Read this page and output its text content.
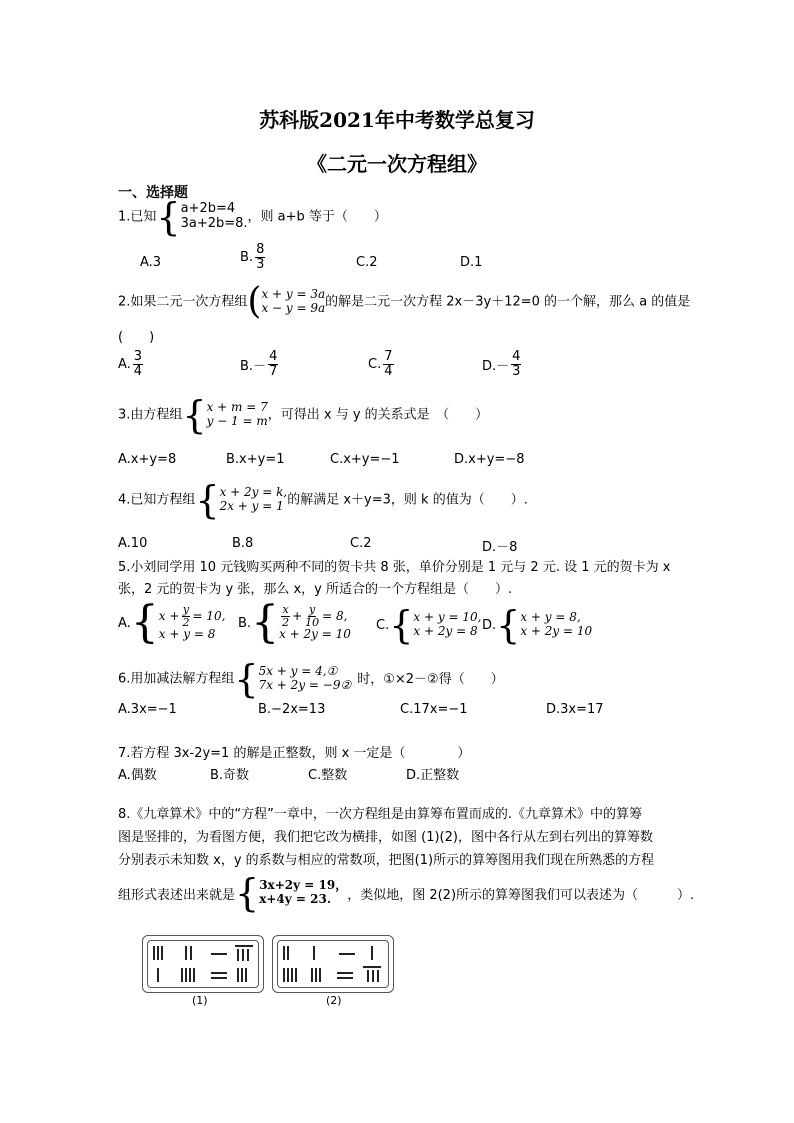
苏科版2021年中考数学总复习
《二元一次方程组》
一、选择题
1.已知 { a+2b=4
3a+2b=8. ，则 a+b 等于（　　）
A.3	B. $\frac{8}{3}$	C.2	D.1
2.如果二元一次方程组 ( x + y = 3a
x − y = 9a 的解是二元一次方程 2x－3y＋12=0 的一个解，那么 a 的值是
(　　)
A. $\frac{3}{4}$	$B.- \frac{4}{7}$	C. $\frac{7}{4}$	$D.- \frac{4}{3}$
3.由方程组 { x + m = 7
y − 1 = m ，可得出 x 与 y 的关系式是　（　　）
A.x+y=8	B.x+y=1	C.x+y=−1	D.x+y=−8
4.已知方程组 { x + 2y = k,
2x + y = 1 的解满足 x＋y=3，则 k 的值为（　　）.
A.10	B.8	C.2	D.－8
5.小刘同学用 10 元钱购买两种不同的贺卡共 8 张，单价分别是 1 元与 2 元. 设 1 元的贺卡为 x
张，2 元的贺卡为 y 张，那么 x，y 所适合的一个方程组是（　　）.
A. { $x + \frac{y}{2} = 10$,
x + y = 8
B. { $\frac{x}{2} + \frac{y}{10} = 8$,
x + 2y = 10
C. { x + y = 10,
x + 2y = 8 D. { x + y = 8,
x + 2y = 10
6.用加减法解方程组 { 5x + y = 4,①
7x + 2y = −9② 时，①×2－②得（　　）
A.3x=−1	B.−2x=13	C.17x=−1	D.3x=17
7.若方程 3x-2y=1 的解是正整数，则 x 一定是（　　　　）
A.偶数	B.奇数	C.整数	D.正整数
8.《九章算术》中的“方程”一章中，一次方程组是由算筹布置而成的.《九章算术》中的算筹
图是竖排的，为看图方便，我们把它改为横排，如图 (1)(2)，图中各行从左到右列出的算筹数
分别表示未知数 x，y 的系数与相应的常数项，把图(1)所示的算筹图用我们现在所熟悉的方程
组形式表述出来就是 { 3x+2y = 19，
x+4y = 23.	，类似地，图 2(2)所示的算筹图我们可以表述为（　　　）.
(1)	(2)
